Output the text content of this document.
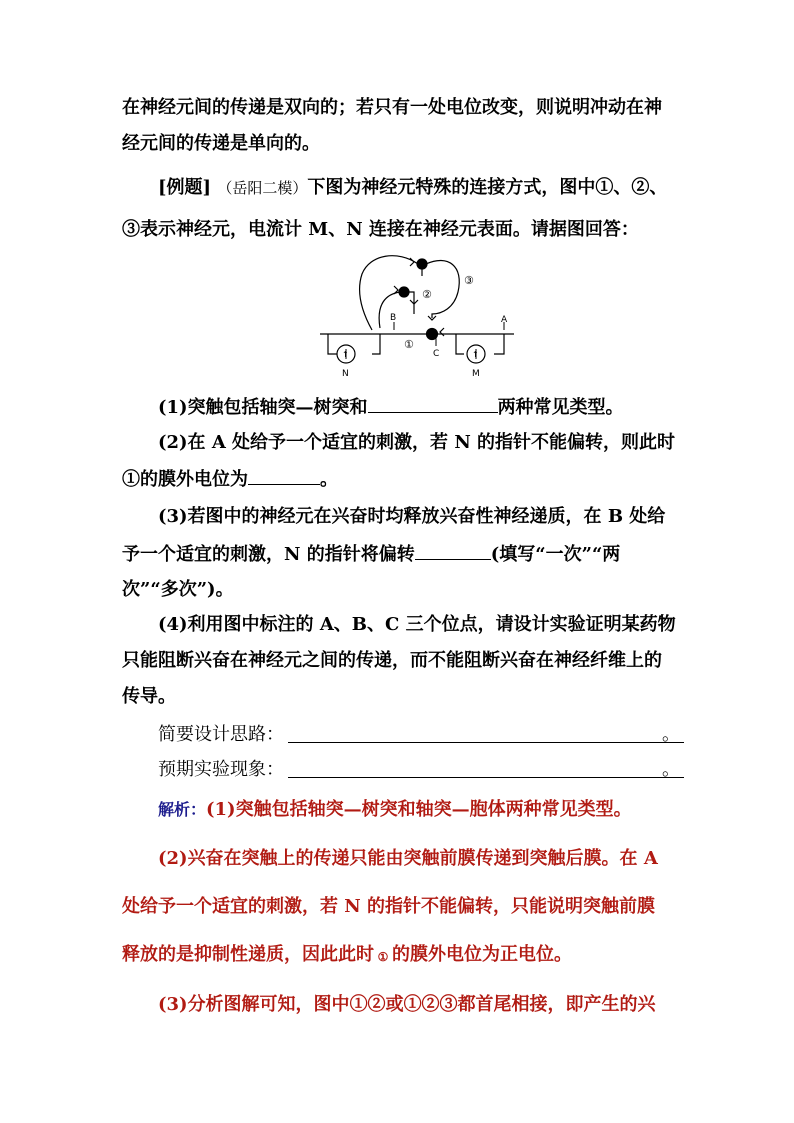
在神经元间的传递是双向的；若只有一处电位改变，则说明冲动在神
经元间的传递是单向的。
[例题] （岳阳二模）下图为神经元特殊的连接方式，图中①、②、
③表示神经元，电流计 M、N 连接在神经元表面。请据图回答：
↑	↑
②
③
①
B	A
C
N	M
(1)突触包括轴突—树突和	两种常见类型。
(2)在 A 处给予一个适宜的刺激，若 N 的指针不能偏转，则此时
①的膜外电位为	。
(3)若图中的神经元在兴奋时均释放兴奋性神经递质，在 B 处给
予一个适宜的刺激，N 的指针将偏转	(填写“一次”“两
次”“多次”)。
(4)利用图中标注的 A、B、C 三个位点，请设计实验证明某药物
只能阻断兴奋在神经元之间的传递，而不能阻断兴奋在神经纤维上的
传导。
简要设计思路：	。
预期实验现象：	。
解析：(1)突触包括轴突—树突和轴突—胞体两种常见类型。
(2)兴奋在突触上的传递只能由突触前膜传递到突触后膜。在 A
处给予一个适宜的刺激，若 N 的指针不能偏转，只能说明突触前膜
释放的是抑制性递质，因此此时 ① 的膜外电位为正电位。
(3)分析图解可知，图中①②或①②③都首尾相接，即产生的兴
